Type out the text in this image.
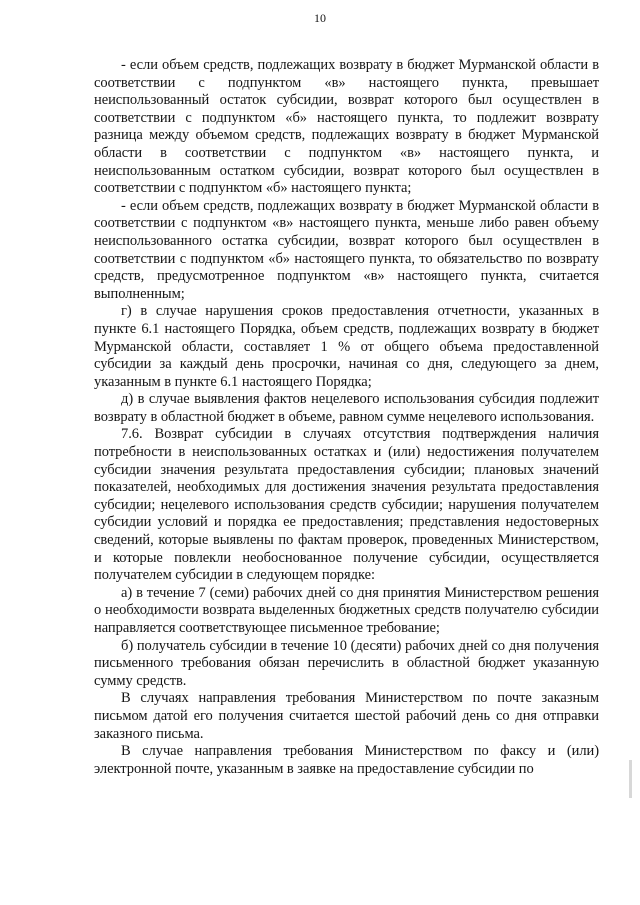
10

- если объем средств, подлежащих возврату в бюджет Мурманской области в соответствии с подпунктом «в» настоящего пункта, превышает неиспользованный остаток субсидии, возврат которого был осуществлен в соответствии с подпунктом «б» настоящего пункта, то подлежит возврату разница между объемом средств, подлежащих возврату в бюджет Мурманской области в соответствии с подпунктом «в» настоящего пункта, и неиспользованным остатком субсидии, возврат которого был осуществлен в соответствии с подпунктом «б» настоящего пункта;

- если объем средств, подлежащих возврату в бюджет Мурманской области в соответствии с подпунктом «в» настоящего пункта, меньше либо равен объему неиспользованного остатка субсидии, возврат которого был осуществлен в соответствии с подпунктом «б» настоящего пункта, то обязательство по возврату средств, предусмотренное подпунктом «в» настоящего пункта, считается выполненным;

г) в случае нарушения сроков предоставления отчетности, указанных в пункте 6.1 настоящего Порядка, объем средств, подлежащих возврату в бюджет Мурманской области, составляет 1 % от общего объема предоставленной субсидии за каждый день просрочки, начиная со дня, следующего за днем, указанным в пункте 6.1 настоящего Порядка;

д) в случае выявления фактов нецелевого использования субсидия подлежит возврату в областной бюджет в объеме, равном сумме нецелевого использования.

7.6. Возврат субсидии в случаях отсутствия подтверждения наличия потребности в неиспользованных остатках и (или) недостижения получателем субсидии значения результата предоставления субсидии; плановых значений показателей, необходимых для достижения значения результата предоставления субсидии; нецелевого использования средств субсидии; нарушения получателем субсидии условий и порядка ее предоставления; представления недостоверных сведений, которые выявлены по фактам проверок, проведенных Министерством, и которые повлекли необоснованное получение субсидии, осуществляется получателем субсидии в следующем порядке:

а) в течение 7 (семи) рабочих дней со дня принятия Министерством решения о необходимости возврата выделенных бюджетных средств получателю субсидии направляется соответствующее письменное требование;

б) получатель субсидии в течение 10 (десяти) рабочих дней со дня получения письменного требования обязан перечислить в областной бюджет указанную сумму средств.

В случаях направления требования Министерством по почте заказным письмом датой его получения считается шестой рабочий день со дня отправки заказного письма.

В случае направления требования Министерством по факсу и (или) электронной почте, указанным в заявке на предоставление субсидии по
